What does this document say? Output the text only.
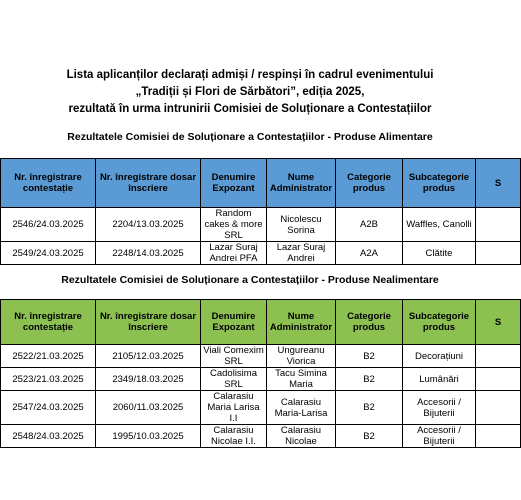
Lista aplicanților declarați admiși / respinși în cadrul evenimentului
„Tradiții și Flori de Sărbători”, ediția 2025,
rezultată în urma intrunirii Comisiei de Soluționare a Contestațiilor
Rezultatele Comisiei de Soluționare a Contestațiilor - Produse Alimentare
Nr. înregistrare contestație	Nr. înregistrare dosar înscriere	Denumire Expozant	Nume Administrator	Categorie produs	Subcategorie produs	S
2546/24.03.2025	2204/13.03.2025	Random cakes & more SRL	Nicolescu Sorina	A2B	Waffles, Canolli	
2549/24.03.2025	2248/14.03.2025	Lazar Suraj Andrei PFA	Lazar Suraj Andrei	A2A	Clătite	
Rezultatele Comisiei de Soluționare a Contestațiilor - Produse Nealimentare
Nr. înregistrare contestație	Nr. înregistrare dosar înscriere	Denumire Expozant	Nume Administrator	Categorie produs	Subcategorie produs	S
2522/21.03.2025	2105/12.03.2025	Viali Comexim SRL	Ungureanu Viorica	B2	Decorațiuni	
2523/21.03.2025	2349/18.03.2025	Cadolisima SRL	Tacu Simina Maria	B2	Lumânări	
2547/24.03.2025	2060/11.03.2025	Calarasiu Maria Larisa I.I	Calarasiu Maria-Larisa	B2	Accesorii / Bijuterii	
2548/24.03.2025	1995/10.03.2025	Calarasiu Nicolae I.I.	Calarasiu Nicolae	B2	Accesorii / Bijuterii	
